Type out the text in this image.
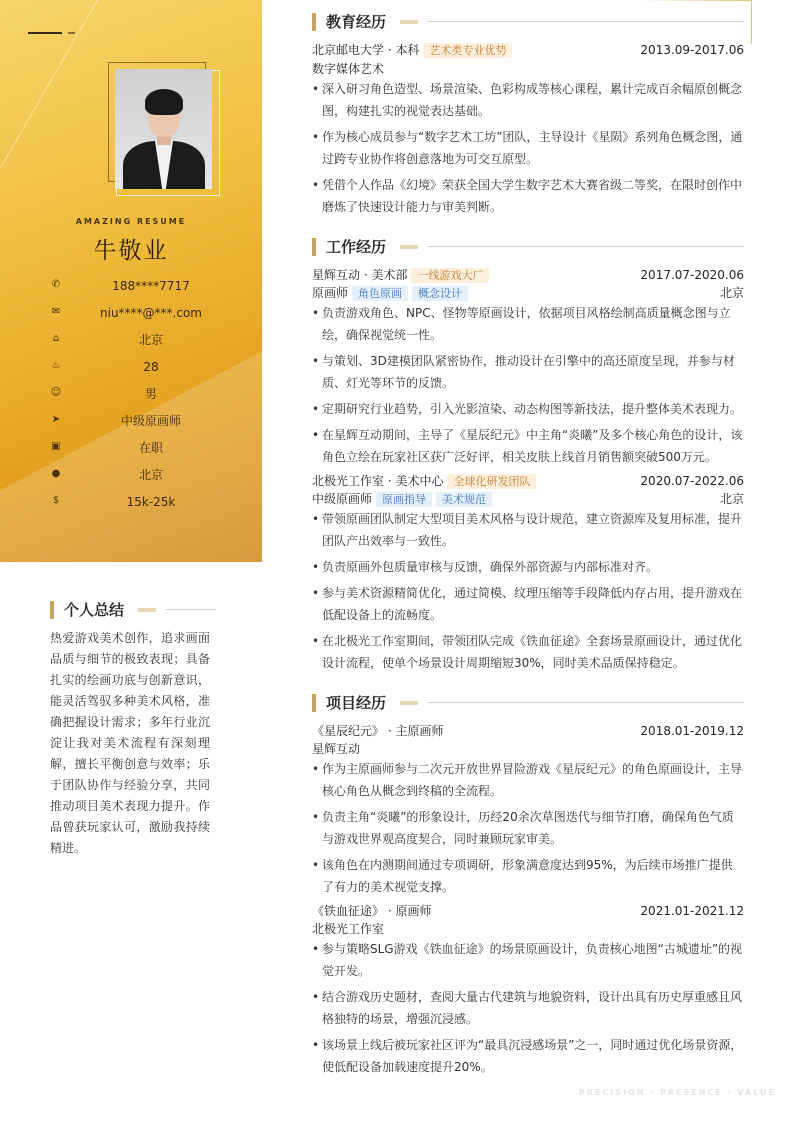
AMAZING RESUME
牛敬业
✆	188****7717
✉	niu****@***.com
⌂	北京
♨	28
☺	男
➤	中级原画师
▣	在职
●	北京
$	15k-25k
个人总结
热爱游戏美术创作，追求画面品质与细节的极致表现；具备扎实的绘画功底与创新意识，能灵活驾驭多种美术风格，准确把握设计需求；多年行业沉淀让我对美术流程有深刻理解，擅长平衡创意与效率；乐于团队协作与经验分享，共同推动项目美术表现力提升。作品曾获玩家认可，激励我持续精进。
教育经历
北京邮电大学 · 本科 艺术类专业优势	2013.09-2017.06
数字媒体艺术
• 深入研习角色造型、场景渲染、色彩构成等核心课程，累计完成百余幅原创概念图，构建扎实的视觉表达基础。
• 作为核心成员参与“数字艺术工坊”团队，主导设计《星陨》系列角色概念图，通过跨专业协作将创意落地为可交互原型。
• 凭借个人作品《幻境》荣获全国大学生数字艺术大赛省级二等奖，在限时创作中磨炼了快速设计能力与审美判断。
工作经历
星辉互动 · 美术部 一线游戏大厂	2017.07-2020.06
原画师 角色原画 概念设计	北京
• 负责游戏角色、NPC、怪物等原画设计，依据项目风格绘制高质量概念图与立绘，确保视觉统一性。
• 与策划、3D建模团队紧密协作，推动设计在引擎中的高还原度呈现，并参与材质、灯光等环节的反馈。
• 定期研究行业趋势，引入光影渲染、动态构图等新技法，提升整体美术表现力。
• 在星辉互动期间，主导了《星辰纪元》中主角“炎曦”及多个核心角色的设计，该角色立绘在玩家社区获广泛好评，相关皮肤上线首月销售额突破500万元。
北极光工作室 · 美术中心 全球化研发团队	2020.07-2022.06
中级原画师 原画指导 美术规范	北京
• 带领原画团队制定大型项目美术风格与设计规范，建立资源库及复用标准，提升团队产出效率与一致性。
• 负责原画外包质量审核与反馈，确保外部资源与内部标准对齐。
• 参与美术资源精简优化，通过简模、纹理压缩等手段降低内存占用，提升游戏在低配设备上的流畅度。
• 在北极光工作室期间，带领团队完成《铁血征途》全套场景原画设计，通过优化设计流程，使单个场景设计周期缩短30%，同时美术品质保持稳定。
项目经历
《星辰纪元》 · 主原画师	2018.01-2019.12
星辉互动
• 作为主原画师参与二次元开放世界冒险游戏《星辰纪元》的角色原画设计，主导核心角色从概念到终稿的全流程。
• 负责主角“炎曦”的形象设计，历经20余次草图迭代与细节打磨，确保角色气质与游戏世界观高度契合，同时兼顾玩家审美。
• 该角色在内测期间通过专项调研，形象满意度达到95%，为后续市场推广提供了有力的美术视觉支撑。
《铁血征途》 · 原画师	2021.01-2021.12
北极光工作室
• 参与策略SLG游戏《铁血征途》的场景原画设计，负责核心地图“古城遗址”的视觉开发。
• 结合游戏历史题材，查阅大量古代建筑与地貌资料，设计出具有历史厚重感且风格独特的场景，增强沉浸感。
• 该场景上线后被玩家社区评为“最具沉浸感场景”之一，同时通过优化场景资源，使低配设备加载速度提升20%。
PRECISION · PRESENCE · VALUE
